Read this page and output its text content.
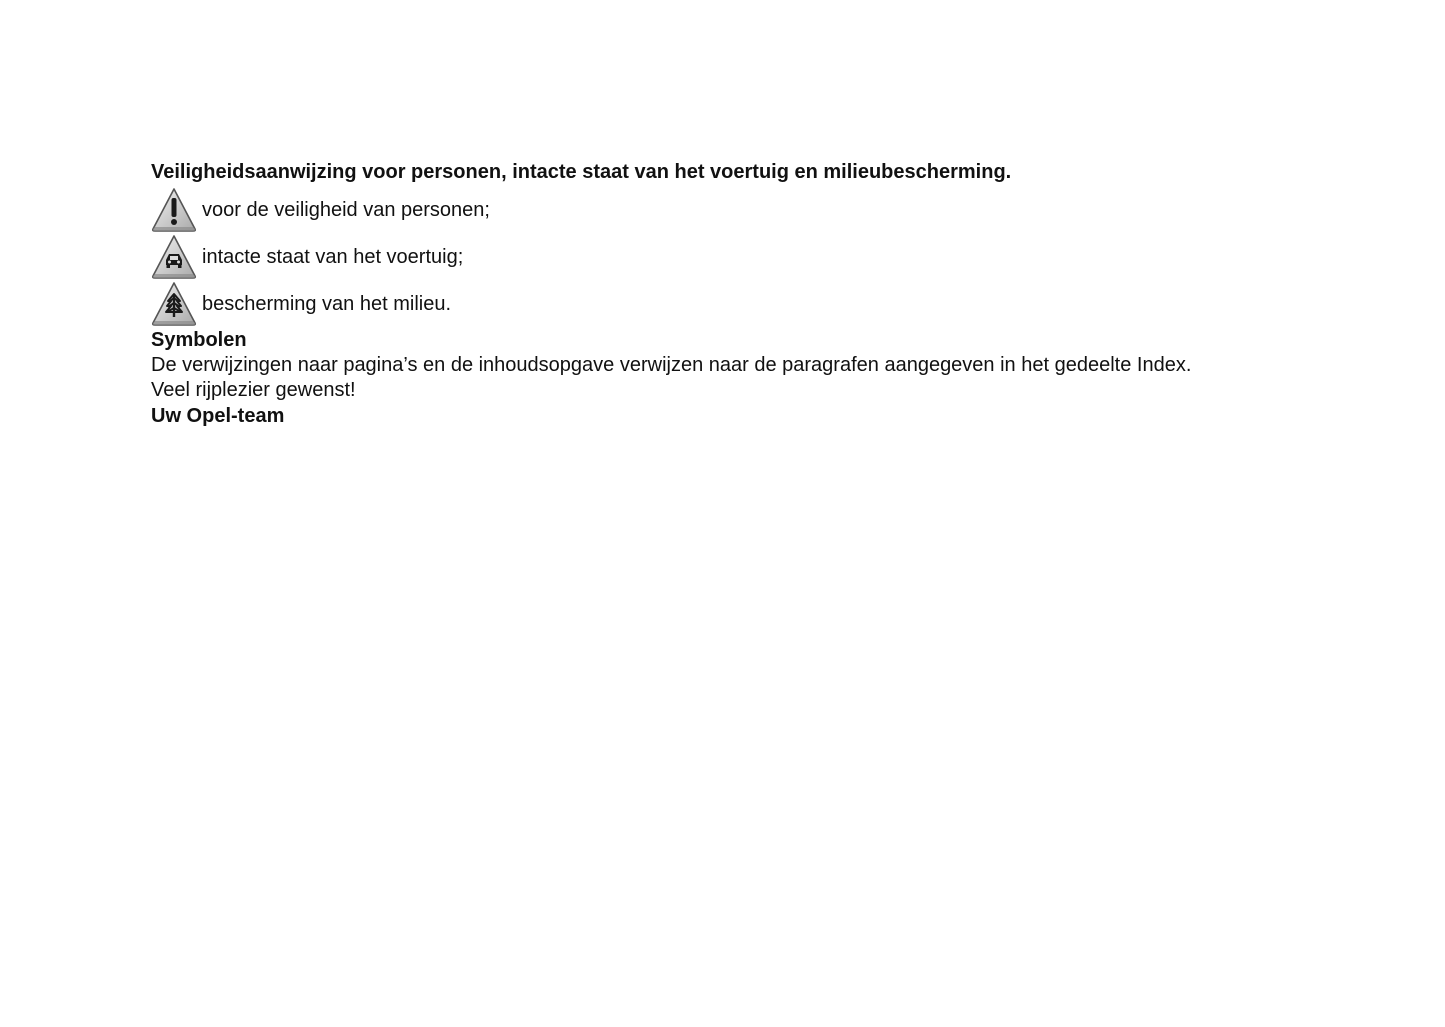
Veiligheidsaanwijzing voor personen, intacte staat van het voertuig en milieubescherming.
voor de veiligheid van personen;
intacte staat van het voertuig;
bescherming van het milieu.
Symbolen

De verwijzingen naar pagina’s en de inhoudsopgave verwijzen naar de paragrafen aangegeven in het gedeelte Index.

Veel rijplezier gewenst!

Uw Opel-team
